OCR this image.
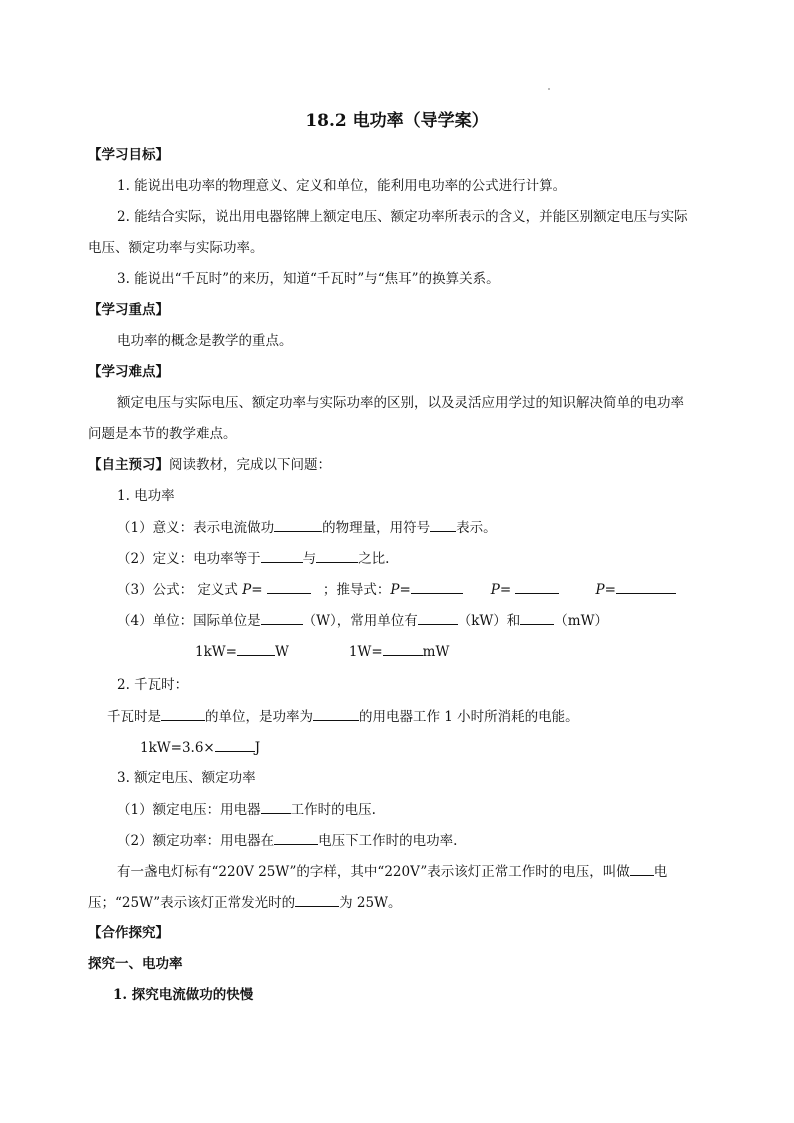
18.2 电功率（导学案）
【学习目标】
1. 能说出电功率的物理意义、定义和单位，能利用电功率的公式进行计算。
2. 能结合实际，说出用电器铭牌上额定电压、额定功率所表示的含义，并能区别额定电压与实际
电压、额定功率与实际功率。
3. 能说出“千瓦时”的来历，知道“千瓦时”与“焦耳”的换算关系。
【学习重点】
电功率的概念是教学的重点。
【学习难点】
额定电压与实际电压、额定功率与实际功率的区别，以及灵活应用学过的知识解决简单的电功率
问题是本节的教学难点。
【自主预习】阅读教材，完成以下问题：
1. 电功率
（1）意义：表示电流做功	的物理量，用符号 表示。
（2）定义：电功率等于	与	之比.
（3）公式： 定义式 P=	；推导式：P=	P=	P=
（4）单位：国际单位是	（W），常用单位有	（kW）和	（mW）
1kW=	W	1W=	mW
2. 千瓦时：
千瓦时是	的单位，是功率为	的用电器工作 1 小时所消耗的电能。
1kW=3.6×	J
3. 额定电压、额定功率
（1）额定电压：用电器 工作时的电压.
（2）额定功率：用电器在	电压下工作时的电功率.
有一盏电灯标有“220V 25W”的字样，其中“220V”表示该灯正常工作时的电压，叫做 电
压；“25W”表示该灯正常发光时的	为 25W。
【合作探究】
探究一、电功率
1. 探究电流做功的快慢
